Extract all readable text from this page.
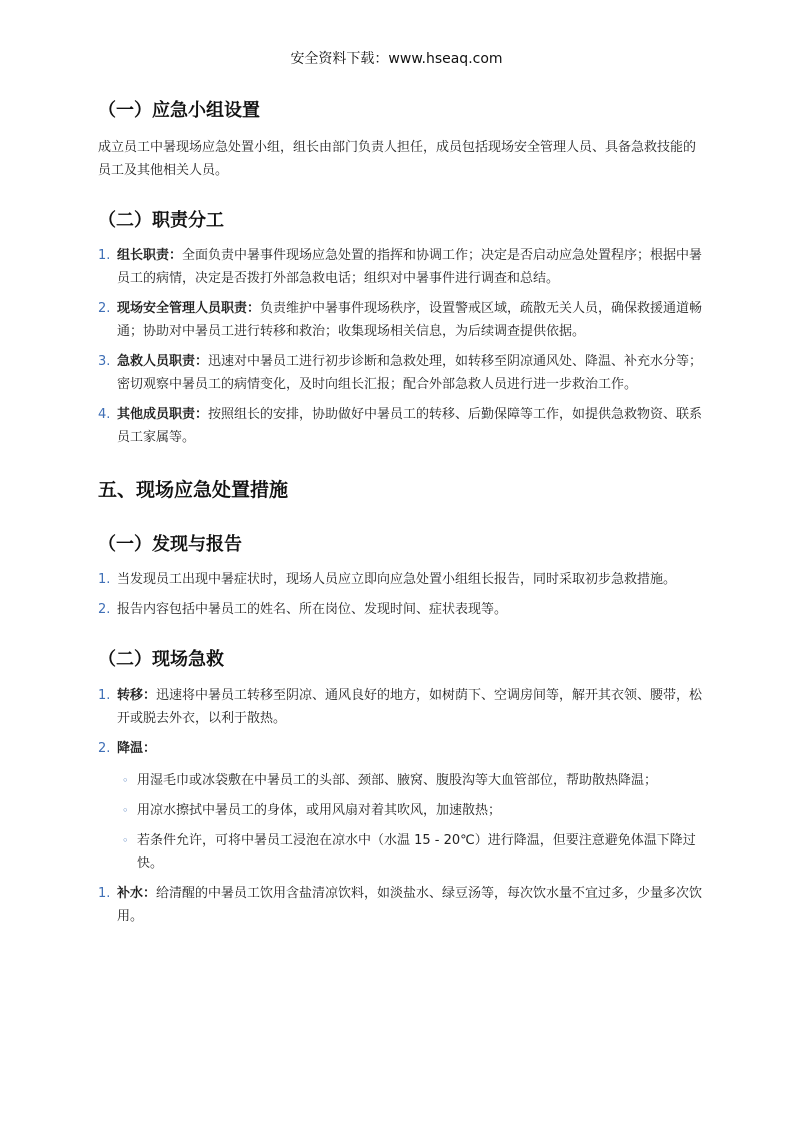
安全资料下载：www.hseaq.com
（一）应急小组设置

成立员工中暑现场应急处置小组，组长由部门负责人担任，成员包括现场安全管理人员、具备急救技能的员工及其他相关人员。

（二）职责分工
1. 组长职责：全面负责中暑事件现场应急处置的指挥和协调工作；决定是否启动应急处置程序；根据中暑员工的病情，决定是否拨打外部急救电话；组织对中暑事件进行调查和总结。
2. 现场安全管理人员职责：负责维护中暑事件现场秩序，设置警戒区域，疏散无关人员，确保救援通道畅通；协助对中暑员工进行转移和救治；收集现场相关信息，为后续调查提供依据。
3. 急救人员职责：迅速对中暑员工进行初步诊断和急救处理，如转移至阴凉通风处、降温、补充水分等；密切观察中暑员工的病情变化，及时向组长汇报；配合外部急救人员进行进一步救治工作。
4. 其他成员职责：按照组长的安排，协助做好中暑员工的转移、后勤保障等工作，如提供急救物资、联系员工家属等。
五、现场应急处置措施
（一）发现与报告
1. 当发现员工出现中暑症状时，现场人员应立即向应急处置小组组长报告，同时采取初步急救措施。
2. 报告内容包括中暑员工的姓名、所在岗位、发现时间、症状表现等。
（二）现场急救
1. 转移：迅速将中暑员工转移至阴凉、通风良好的地方，如树荫下、空调房间等，解开其衣领、腰带，松开或脱去外衣，以利于散热。
2. 降温：
◦ 用湿毛巾或冰袋敷在中暑员工的头部、颈部、腋窝、腹股沟等大血管部位，帮助散热降温；
◦ 用凉水擦拭中暑员工的身体，或用风扇对着其吹风，加速散热；
◦ 若条件允许，可将中暑员工浸泡在凉水中（水温 15 - 20℃）进行降温，但要注意避免体温下降过快。
1. 补水：给清醒的中暑员工饮用含盐清凉饮料，如淡盐水、绿豆汤等，每次饮水量不宜过多，少量多次饮用。
